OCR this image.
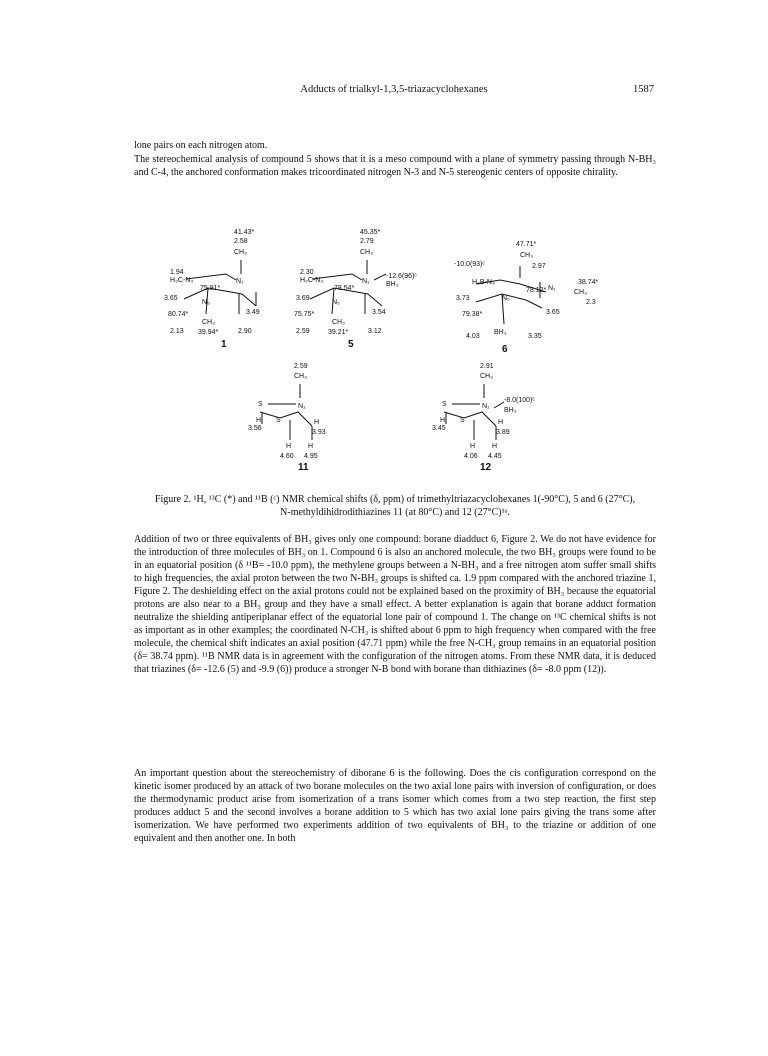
Adducts of trialkyl-1,3,5-triazacyclohexanes	1587

lone pairs on each nitrogen atom.

The stereochemical analysis of compound 5 shows that it is a meso compound with a plane of symmetry passing through N-BH₃ and C-4, the anchored conformation makes tricoordinated nitrogen N-3 and N-5 stereogenic centers of opposite chirality.

41.43*
2.58
CH₃
N₁
1.94
H₃C‑N₃
75.91*
3.65
N₅
3.49
80.74*
CH₃
39.94*
2.13	2.90
1
45.35*
2.79
CH₃
N₁
-12.6(96)ᶜ
BH₃
2.30
H₃C‑N₃
78.54*
3.69
N₅
3.54
75.75*
CH₃
39.21*
2.59	3.12
5
47.71*
CH₃
2.97
-10.0(93)ᶜ
H₃B‑N₃
N₁
38.74*
CH₃
2.3
78.12*
3.73	N₅
3.65
79.38*
BH₃
4.03	3.35
6
2.59
CH₃
N₁
S
S
H
3.56
H
3.93
H H
4.60 4.95
11
2.91
CH₃
N₁
-8.0(100)ᶜ
BH₃
S
S
H
3.45
H
3.89
H H
4.06 4.45
12

Figure 2. ¹H, ¹³C (*) and ¹¹B (ᶜ) NMR chemical shifts (δ, ppm) of trimethyltriazacyclohexanes 1(-90°C), 5 and 6 (27°C), N-methyldihidrodithiazines 11 (at 80°C) and 12 (27°C)¹ᵃ.

Addition of two or three equivalents of BH₃ gives only one compound: borane diadduct 6, Figure 2. We do not have evidence for the introduction of three molecules of BH₃ on 1. Compound 6 is also an anchored molecule, the two BH₃ groups were found to be in an equatorial position (δ ¹¹B= -10.0 ppm), the methylene groups between a N-BH₃ and a free nitrogen atom suffer small shifts to high frequencies, the axial proton between the two N-BH₃ groups is shifted ca. 1.9 ppm compared with the anchored triazine 1, Figure 2. The deshielding effect on the axial protons could not be explained based on the proximity of BH₃ because the equatorial protons are also near to a BH₃ group and they have a small effect. A better explanation is again that borane adduct formation neutralize the shielding antiperiplanar effect of the equatorial lone pair of compound 1. The change on ¹³C chemical shifts is not as important as in other examples; the coordinated N-CH₃ is shifted about 6 ppm to high frequency when compared with the free molecule, the chemical shift indicates an axial position (47.71 ppm) while the free N-CH₃ group remains in an equatorial position (δ= 38.74 ppm). ¹¹B NMR data is in agreement with the configuration of the nitrogen atoms. From these NMR data, it is deduced that triazines (δ= -12.6 (5) and -9.9 (6)) produce a stronger N-B bond with borane than dithiazines (δ= -8.0 ppm (12)).

An important question about the stereochemistry of diborane 6 is the following. Does the cis configuration correspond on the kinetic isomer produced by an attack of two borane molecules on the two axial lone pairs with inversion of configuration, or does the thermodynamic product arise from isomerization of a trans isomer which comes from a two step reaction, the first step produces adduct 5 and the second involves a borane addition to 5 which has two axial lone pairs giving the trans some after isomerization. We have performed two experiments addition of two equivalents of BH₃ to the triazine or addition of one equivalent and then another one. In both
